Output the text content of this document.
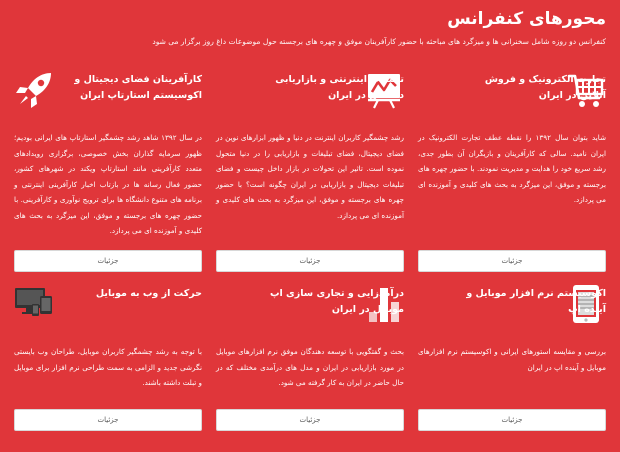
محورهای کنفرانس

کنفرانس دو روزه شامل سخنرانی ها و میزگرد های مباحثه با حضور کارآفرینان موفق و چهره های برجسته حول موضوعات داغ روز برگزار می شود

تجارت الکترونیک و فروش آنلاین در ایران

شاید بتوان سال ۱۳۹۲ را نقطه عطف تجارت الکترونیک در ایران نامید. سالی که کارآفرینان و بازیگران آن بطور جدی، رشد سریع خود را هدایت و مدیریت نمودند. با حضور چهره های برجسته و موفق، این میزگرد به بحث های کلیدی و آموزنده ای می پردازد.

جزئیات
تبلیغات اینترنتی و بازاریابی دیجیتال در ایران

رشد چشمگیر کاربران اینترنت در دنیا و ظهور ابزارهای نوین در فضای دیجیتال، فضای تبلیغات و بازاریابی را در دنیا متحول نموده است. تاثیر این تحولات در بازار داخل چیست و فضای تبلیغات دیجیتال و بازاریابی در ایران چگونه است؟ با حضور چهره های برجسته و موفق، این میزگرد به بحث های کلیدی و آموزنده ای می پردازد.

جزئیات
کارآفرینان فضای دیجیتال و اکوسیستم استارتاپ ایران

در سال ۱۳۹۲ شاهد رشد چشمگیر استارتاپ های ایرانی بودیم؛ ظهور سرمایه گذاران بخش خصوصی، برگزاری رویدادهای متعدد کارآفرینی مانند استارتاپ ویکند در شهرهای کشور، حضور فعال رسانه ها در بازتاب اخبار کارآفرینی اینترنتی و برنامه های متنوع دانشگاه ها برای ترویج نوآوری و کارآفرینی. با حضور چهره های برجسته و موفق، این میزگرد به بحث های کلیدی و آموزنده ای می پردازد.

جزئیات
اکوسیستم نرم افزار موبایل و آینده اپ

بررسی و مقایسه استورهای ایرانی و اکوسیستم نرم افزارهای موبایل و آینده اپ در ایران

جزئیات
درآمدزایی و تجاری سازی اپ موبایل در ایران

بحث و گفتگویی با توسعه دهندگان موفق نرم افزارهای موبایل در مورد بازاریابی در ایران و مدل های درآمدی مختلف که در حال حاضر در ایران به کار گرفته می شود.

جزئیات
حرکت از وب به موبایل

با توجه به رشد چشمگیر کاربران موبایل، طراحان وب بایستی نگرشی جدید و الزامی به سمت طراحی نرم افزار برای موبایل و تبلت داشته باشند.

جزئیات
